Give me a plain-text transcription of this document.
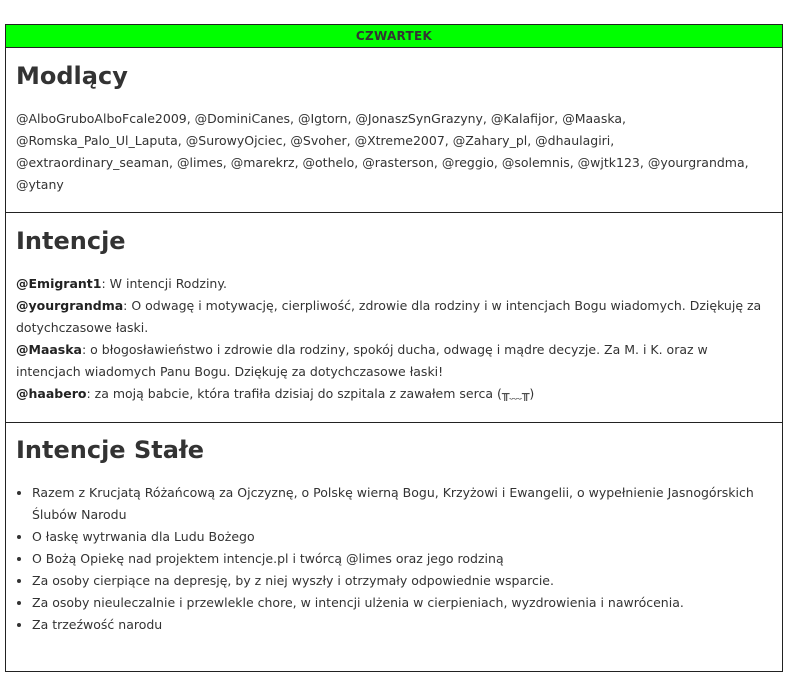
CZWARTEK
Modlący
@AlboGruboAlboFcale2009, @DominiCanes, @Igtorn, @JonaszSynGrazyny, @Kalafijor, @Maaska, @Romska_Palo_Ul_Laputa, @SurowyOjciec, @Svoher, @Xtreme2007, @Zahary_pl, @dhaulagiri, @extraordinary_seaman, @limes, @marekrz, @othelo, @rasterson, @reggio, @solemnis, @wjtk123, @yourgrandma, @ytany
Intencje
@Emigrant1: W intencji Rodziny.
@yourgrandma: O odwagę i motywację, cierpliwość, zdrowie dla rodziny i w intencjach Bogu wiadomych. Dziękuję za dotychczasowe łaski.
@Maaska: o błogosławieństwo i zdrowie dla rodziny, spokój ducha, odwagę i mądre decyzje. Za M. i K. oraz w intencjach wiadomych Panu Bogu. Dziękuję za dotychczasowe łaski!
@haabero: za moją babcie, która trafiła dzisiaj do szpitala z zawałem serca (╥﹏╥)
Intencje Stałe
• Razem z Krucjatą Różańcową za Ojczyznę, o Polskę wierną Bogu, Krzyżowi i Ewangelii, o wypełnienie Jasnogórskich Ślubów Narodu
• O łaskę wytrwania dla Ludu Bożego
• O Bożą Opiekę nad projektem intencje.pl i twórcą @limes oraz jego rodziną
• Za osoby cierpiące na depresję, by z niej wyszły i otrzymały odpowiednie wsparcie.
• Za osoby nieuleczalnie i przewlekle chore, w intencji ulżenia w cierpieniach, wyzdrowienia i nawrócenia.
• Za trzeźwość narodu
